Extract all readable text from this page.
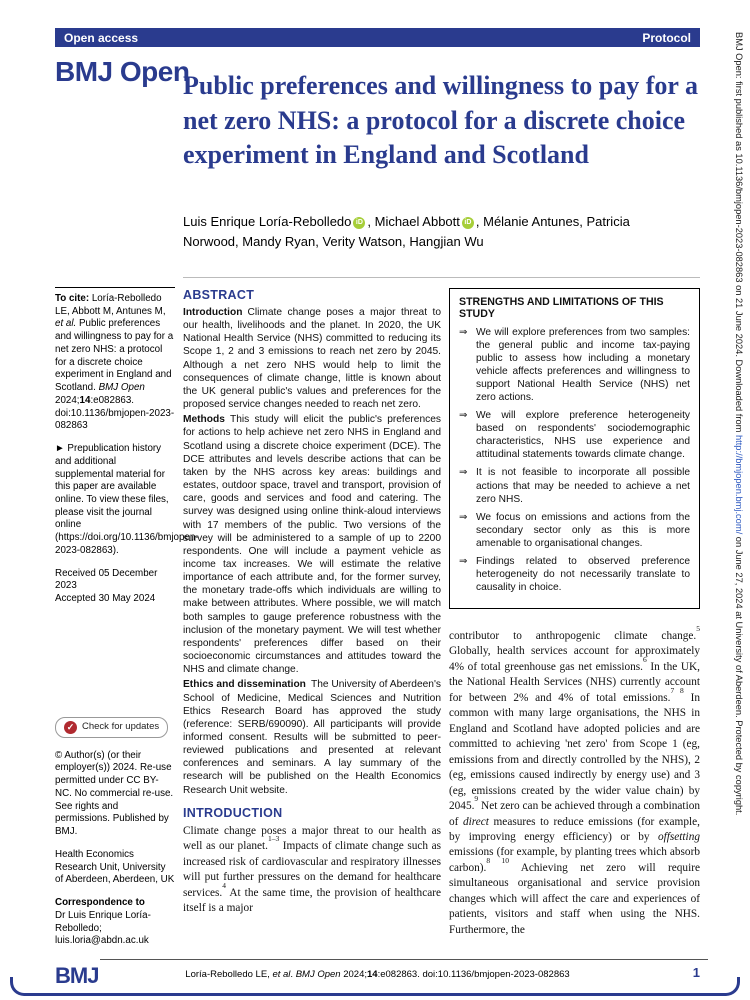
Open access	Protocol
BMJ Open
Public preferences and willingness to pay for a net zero NHS: a protocol for a discrete choice experiment in England and Scotland
Luis Enrique Loría-Rebolledo iD , Michael Abbott iD , Mélanie Antunes, Patricia Norwood, Mandy Ryan, Verity Watson, Hangjian Wu
To cite: Loría-Rebolledo LE, Abbott M, Antunes M, et al. Public preferences and willingness to pay for a net zero NHS: a protocol for a discrete choice experiment in England and Scotland. BMJ Open 2024;14:e082863. doi:10.1136/bmjopen-2023-082863
► Prepublication history and additional supplemental material for this paper are available online. To view these files, please visit the journal online (https://doi.org/10.1136/bmjopen-2023-082863).
Received 05 December 2023
Accepted 30 May 2024
✓ Check for updates
© Author(s) (or their employer(s)) 2024. Re-use permitted under CC BY-NC. No commercial re-use. See rights and permissions. Published by BMJ.
Health Economics Research Unit, University of Aberdeen, Aberdeen, UK
Correspondence to
Dr Luis Enrique Loría-Rebolledo;
luis.loria@abdn.ac.uk
ABSTRACT

Introduction Climate change poses a major threat to our health, livelihoods and the planet. In 2020, the UK National Health Service (NHS) committed to reducing its Scope 1, 2 and 3 emissions to reach net zero by 2045. Although a net zero NHS would help to limit the consequences of climate change, little is known about the UK general public's values and preferences for the proposed service changes needed to reach net zero.

Methods This study will elicit the public's preferences for actions to help achieve net zero NHS in England and Scotland using a discrete choice experiment (DCE). The DCE attributes and levels describe actions that can be taken by the NHS across key areas: buildings and estates, outdoor space, travel and transport, provision of care, goods and services and food and catering. The survey was designed using online think-aloud interviews with 17 members of the public. Two versions of the survey will be administered to a sample of up to 2200 respondents. One will include a payment vehicle as income tax increases. We will estimate the relative importance of each attribute and, for the former survey, the monetary trade-offs which individuals are willing to make between attributes. Where possible, we will match both samples to gauge preference robustness with the inclusion of the monetary payment. We will test whether respondents' preferences differ based on their socioeconomic circumstances and attitudes toward the NHS and climate change.

Ethics and dissemination The University of Aberdeen's School of Medicine, Medical Sciences and Nutrition Ethics Research Board has approved the study (reference: SERB/690090). All participants will provide informed consent. Results will be submitted to peer-reviewed publications and presented at relevant conferences and seminars. A lay summary of the research will be published on the Health Economics Research Unit website.

INTRODUCTION

Climate change poses a major threat to our health as well as our planet.$^{1-3}$ Impacts of climate change such as increased risk of cardiovascular and respiratory illnesses will put further pressures on the demand for healthcare services.$^4$ At the same time, the provision of healthcare itself is a major

STRENGTHS AND LIMITATIONS OF THIS STUDY
⇒ We will explore preferences from two samples: the general public and income tax-paying public to assess how including a monetary vehicle affects preferences and willingness to support National Health Service (NHS) net zero actions.
⇒ We will explore preference heterogeneity based on respondents' sociodemographic characteristics, NHS use experience and attitudinal statements towards climate change.
⇒ It is not feasible to incorporate all possible actions that may be needed to achieve a net zero NHS.
⇒ We focus on emissions and actions from the secondary sector only as this is more amenable to organisational changes.
⇒ Findings related to observed preference heterogeneity do not necessarily translate to causality in choice.

contributor to anthropogenic climate change.$^5$ Globally, health services account for approximately 4% of total greenhouse gas net emissions.$^6$ In the UK, the National Health Services (NHS) currently account for between 2% and 4% of total emissions.$^{7 8}$ In common with many large organisations, the NHS in England and Scotland have adopted policies and are committed to achieving 'net zero' from Scope 1 (eg, emissions from and directly controlled by the NHS), 2 (eg, emissions caused indirectly by energy use) and 3 (eg, emissions created by the wider value chain) by 2045.$^9$ Net zero can be achieved through a combination of direct measures to reduce emissions (for example, by improving energy efficiency) or by offsetting emissions (for example, by planting trees which absorb carbon).$^{8 10}$ Achieving net zero will require simultaneous organisational and service provision changes which will affect the care and experiences of patients, visitors and staff when using the NHS. Furthermore, the

BMJ Open: first published as 10.1136/bmjopen-2023-082863 on 21 June 2024. Downloaded from http://bmjopen.bmj.com/ on June 27, 2024 at University of Aberdeen. Protected by copyright.
BMJ	Loría-Rebolledo LE, et al. BMJ Open 2024;14:e082863. doi:10.1136/bmjopen-2023-082863	1
